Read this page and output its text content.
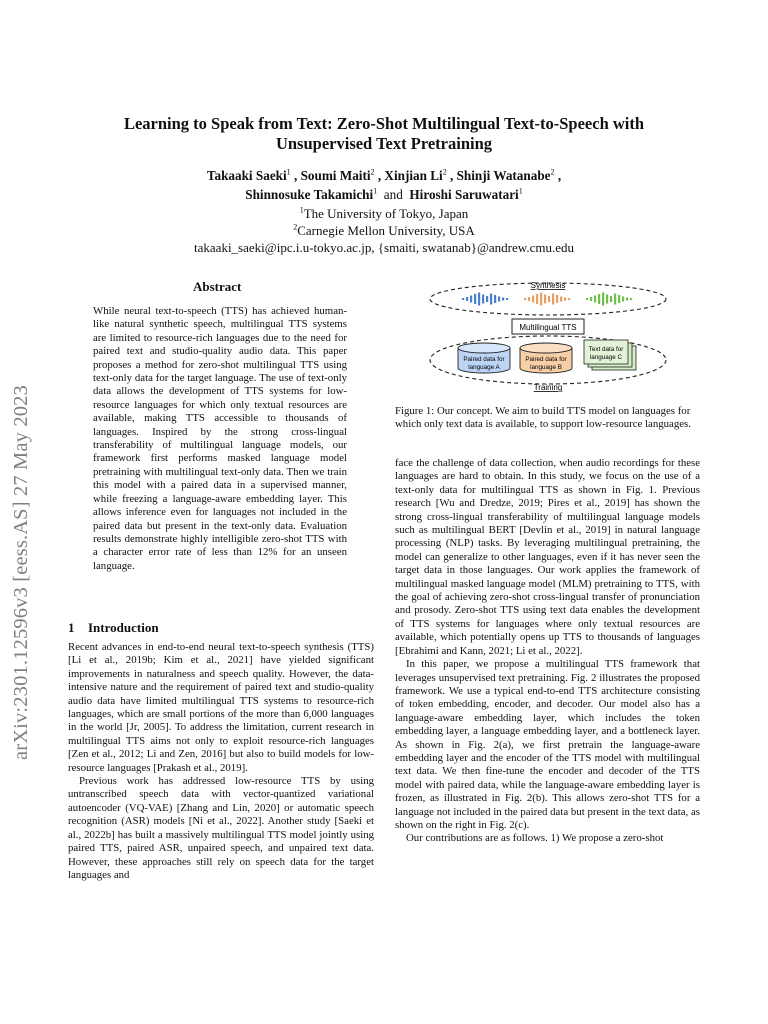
arXiv:2301.12596v3 [eess.AS] 27 May 2023
Learning to Speak from Text: Zero-Shot Multilingual Text-to-Speech with
Unsupervised Text Pretraining
Takaaki Saeki$^1$ , Soumi Maiti$^2$ , Xinjian Li$^2$ , Shinji Watanabe$^2$ ,
Shinnosuke Takamichi$^1$ and Hiroshi Saruwatari$^1$
$^1$The University of Tokyo, Japan
$^2$Carnegie Mellon University, USA
takaaki_saeki@ipc.i.u-tokyo.ac.jp, {smaiti, swatanab}@andrew.cmu.edu
Abstract

While neural text-to-speech (TTS) has achieved human-like natural synthetic speech, multilingual TTS systems are limited to resource-rich languages due to the need for paired text and studio-quality audio data. This paper proposes a method for zero-shot multilingual TTS using text-only data for the target language. The use of text-only data allows the development of TTS systems for low-resource languages for which only textual resources are available, making TTS accessible to thousands of languages. Inspired by the strong cross-lingual transferability of multilingual language models, our framework first performs masked language model pretraining with multilingual text-only data. Then we train this model with a paired data in a supervised manner, while freezing a language-aware embedding layer. This allows inference even for languages not included in the paired data but present in the text-only data. Evaluation results demonstrate highly intelligible zero-shot TTS with a character error rate of less than 12% for an unseen language.

1 Introduction

Recent advances in end-to-end neural text-to-speech synthesis (TTS) [Li et al., 2019b; Kim et al., 2021] have yielded significant improvements in naturalness and speech quality. However, the data-intensive nature and the requirement of paired text and studio-quality audio data have limited multilingual TTS systems to resource-rich languages, which are small portions of the more than 6,000 languages in the world [Jr, 2005]. To address the limitation, current research in multilingual TTS aims not only to exploit resource-rich languages [Zen et al., 2012; Li and Zen, 2016] but also to build models for low-resource languages [Prakash et al., 2019].

Previous work has addressed low-resource TTS by using untranscribed speech data with vector-quantized variational autoencoder (VQ-VAE) [Zhang and Lin, 2020] or automatic speech recognition (ASR) models [Ni et al., 2022]. Another study [Saeki et al., 2022b] has built a massively multilingual TTS model jointly using paired TTS, paired ASR, unpaired speech, and unpaired text data. However, these approaches still rely on speech data for the target languages and

Synthesis
Multilingual TTS
Training
Paired data for
language A
Paired data for
language B
Text data for
language C
Figure 1: Our concept. We aim to build TTS model on languages for which only text data is available, to support low-resource languages.

face the challenge of data collection, when audio recordings for these languages are hard to obtain. In this study, we focus on the use of a text-only data for multilingual TTS as shown in Fig. 1. Previous research [Wu and Dredze, 2019; Pires et al., 2019] has shown the strong cross-lingual transferability of multilingual language models such as multilingual BERT [Devlin et al., 2019] in natural language processing (NLP) tasks. By leveraging multilingual pretraining, the model can generalize to other languages, even if it has never seen the target data in those languages. Our work applies the framework of multilingual masked language model (MLM) pretraining to TTS, with the goal of achieving zero-shot cross-lingual transfer of pronunciation and prosody. Zero-shot TTS using text data enables the development of TTS systems for languages where only textual resources are available, which potentially opens up TTS to thousands of languages [Ebrahimi and Kann, 2021; Li et al., 2022].

In this paper, we propose a multilingual TTS framework that leverages unsupervised text pretraining. Fig. 2 illustrates the proposed framework. We use a typical end-to-end TTS architecture consisting of token embedding, encoder, and decoder. Our model also has a language-aware embedding layer, which includes the token embedding layer, a language embedding layer, and a bottleneck layer. As shown in Fig. 2(a), we first pretrain the language-aware embedding layer and the encoder of the TTS model with multilingual text data. We then fine-tune the encoder and decoder of the TTS model with paired data, while the language-aware embedding layer is frozen, as illustrated in Fig. 2(b). This allows zero-shot TTS for a language not included in the paired data but present in the text data, as shown on the right in Fig. 2(c).

Our contributions are as follows. 1) We propose a zero-shot
